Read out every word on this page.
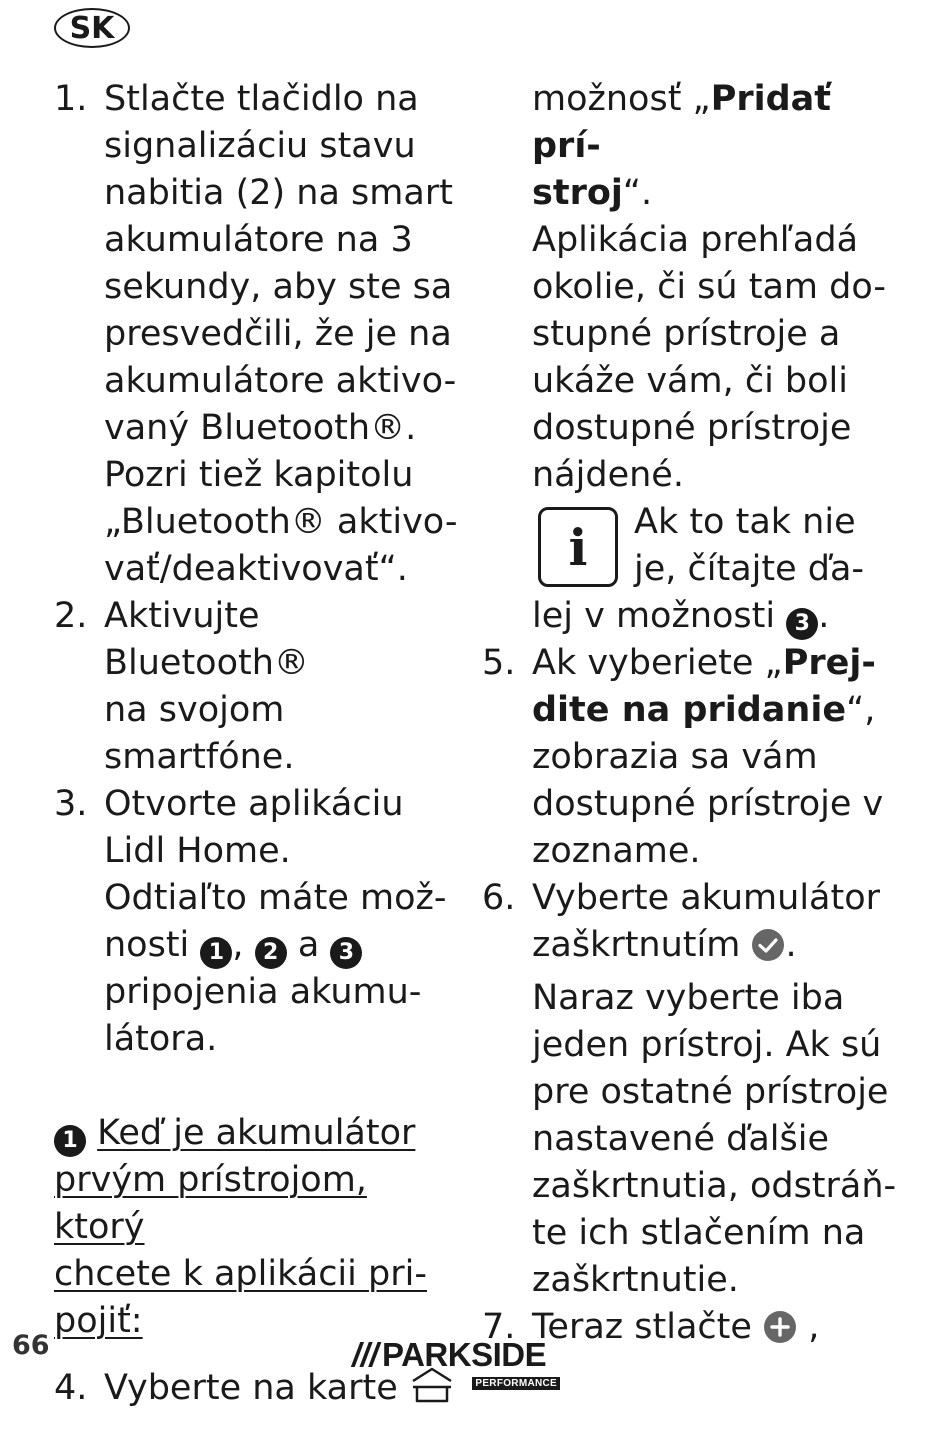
SK
1. Stlačte tlačidlo na
signalizáciu stavu
nabitia (2) na smart
akumulátore na 3
sekundy, aby ste sa
presvedčili, že je na
akumulátore aktivo-
vaný Bluetooth®.
Pozri tiež kapitolu
„Bluetooth® aktivo-
vať/deaktivovať“.
2. Aktivujte Bluetooth®
na svojom smartfóne.
3. Otvorte aplikáciu
Lidl Home.
Odtiaľto máte mož-
nosti 1 , 2 a 3
pripojenia akumu-
látora.
1 Keď je akumulátor
prvým prístrojom, ktorý
chcete k aplikácii pri-
pojiť:
4. Vyberte na karte
možnosť „Pridať prí-
stroj“.
Aplikácia prehľadá
okolie, či sú tam do-
stupné prístroje a
ukáže vám, či boli
dostupné prístroje
nájdené.
i	Ak to tak nie
je, čítajte ďa-
lej v možnosti 3 .
5. Ak vyberiete „Prej-
dite na pridanie“,
zobrazia sa vám
dostupné prístroje v
zozname.
6. Vyberte akumulátor
zaškrtnutím .
Naraz vyberte iba
jeden prístroj. Ak sú
pre ostatné prístroje
nastavené ďalšie
zaškrtnutia, odstráň-
te ich stlačením na
zaškrtnutie.
7. Teraz stlačte ,
66	/// PARKSIDE
PERFORMANCE
